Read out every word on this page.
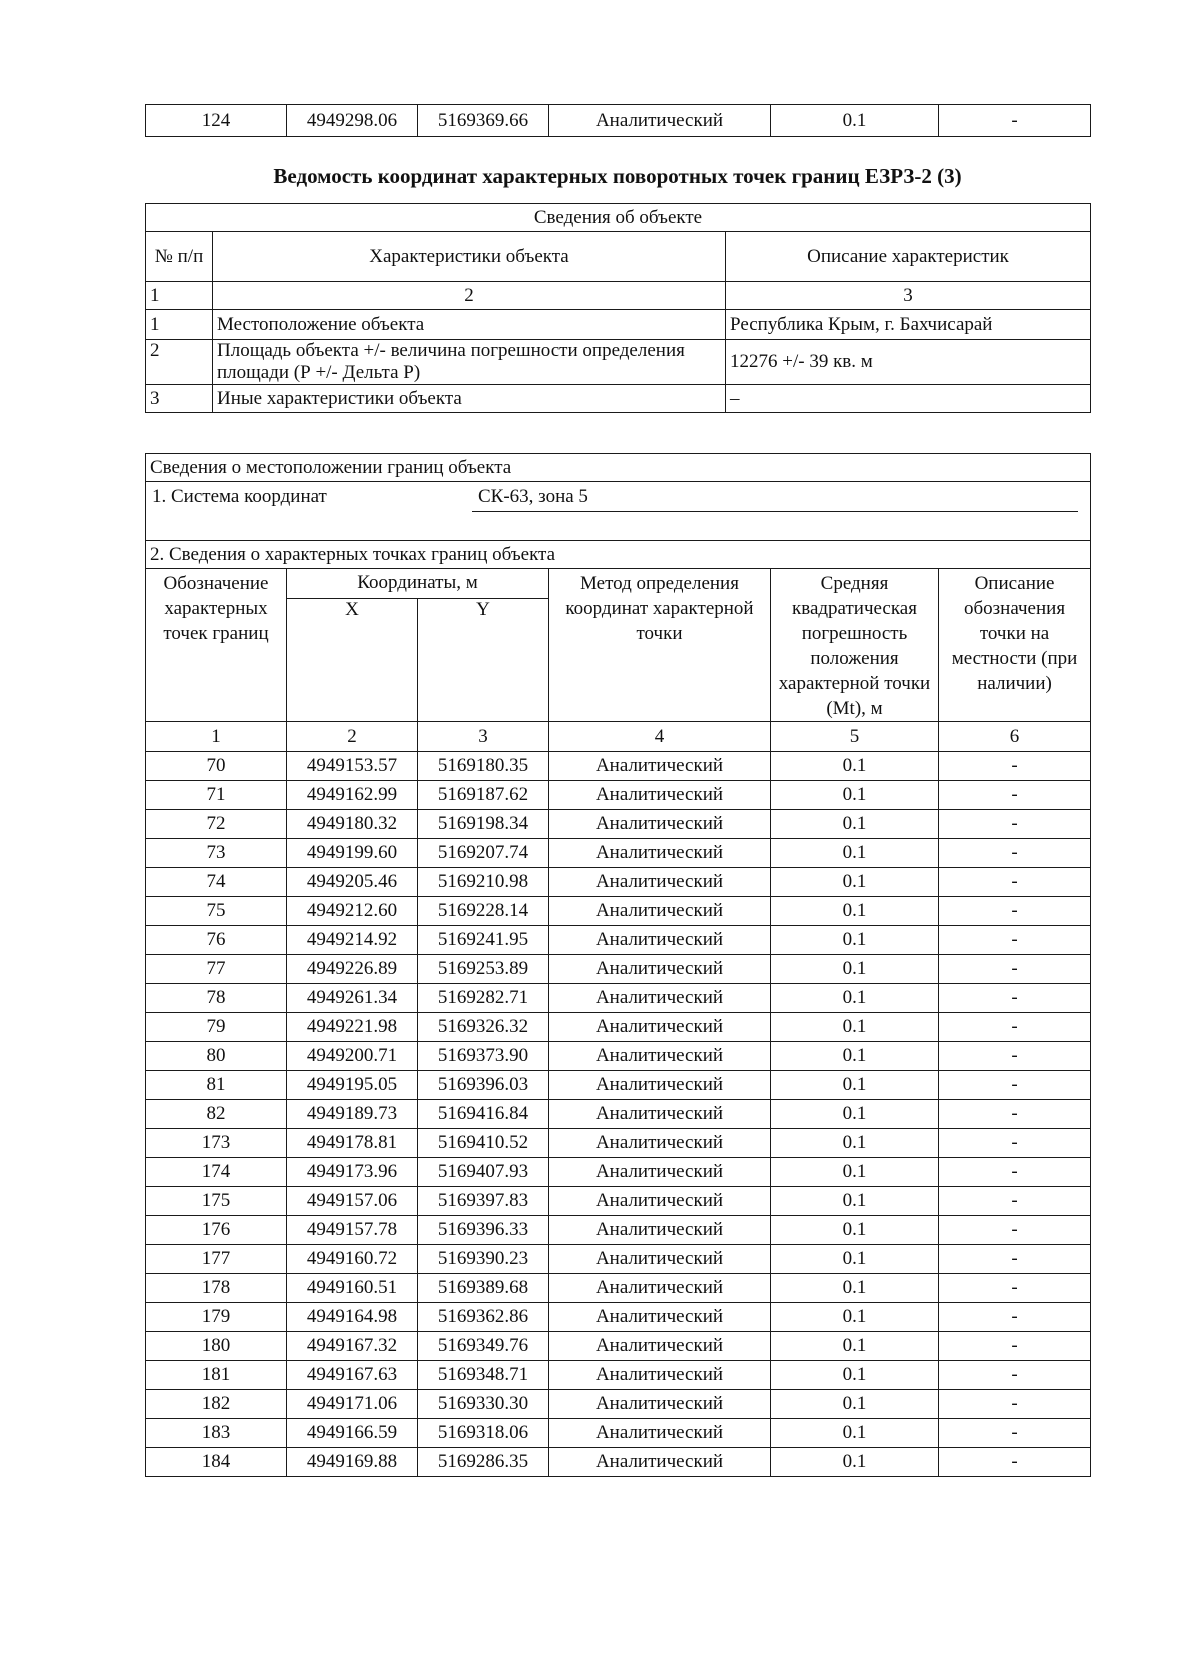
124	4949298.06	5169369.66	Аналитический	0.1	-
Ведомость координат характерных поворотных точек границ ЕЗРЗ-2 (3)
Сведения об объекте		
№ п/п	Характеристики объекта	Описание характеристик
1	2	3
1	Местоположение объекта	Республика Крым, г. Бахчисарай
2	Площадь объекта +/- величина погрешности определения площади (Р +/- Дельта Р)	12276 +/- 39 кв. м
3	Иные характеристики объекта	–
Сведения о местоположении границ объекта					

1. Система координат СК-63, зона 5					

2. Сведения о характерных точках границ объекта					
Обозначение характерных точек границ	Координаты, м		Метод определения координат характерной точки	Средняя квадратическая погрешность положения характерной точки (Mt), м	Описание обозначения точки на местности (при наличии)
	X	Y			
1	2	3	4	5	6
70	4949153.57	5169180.35	Аналитический	0.1	-
71	4949162.99	5169187.62	Аналитический	0.1	-
72	4949180.32	5169198.34	Аналитический	0.1	-
73	4949199.60	5169207.74	Аналитический	0.1	-
74	4949205.46	5169210.98	Аналитический	0.1	-
75	4949212.60	5169228.14	Аналитический	0.1	-
76	4949214.92	5169241.95	Аналитический	0.1	-
77	4949226.89	5169253.89	Аналитический	0.1	-
78	4949261.34	5169282.71	Аналитический	0.1	-
79	4949221.98	5169326.32	Аналитический	0.1	-
80	4949200.71	5169373.90	Аналитический	0.1	-
81	4949195.05	5169396.03	Аналитический	0.1	-
82	4949189.73	5169416.84	Аналитический	0.1	-
173	4949178.81	5169410.52	Аналитический	0.1	-
174	4949173.96	5169407.93	Аналитический	0.1	-
175	4949157.06	5169397.83	Аналитический	0.1	-
176	4949157.78	5169396.33	Аналитический	0.1	-
177	4949160.72	5169390.23	Аналитический	0.1	-
178	4949160.51	5169389.68	Аналитический	0.1	-
179	4949164.98	5169362.86	Аналитический	0.1	-
180	4949167.32	5169349.76	Аналитический	0.1	-
181	4949167.63	5169348.71	Аналитический	0.1	-
182	4949171.06	5169330.30	Аналитический	0.1	-
183	4949166.59	5169318.06	Аналитический	0.1	-
184	4949169.88	5169286.35	Аналитический	0.1	-
